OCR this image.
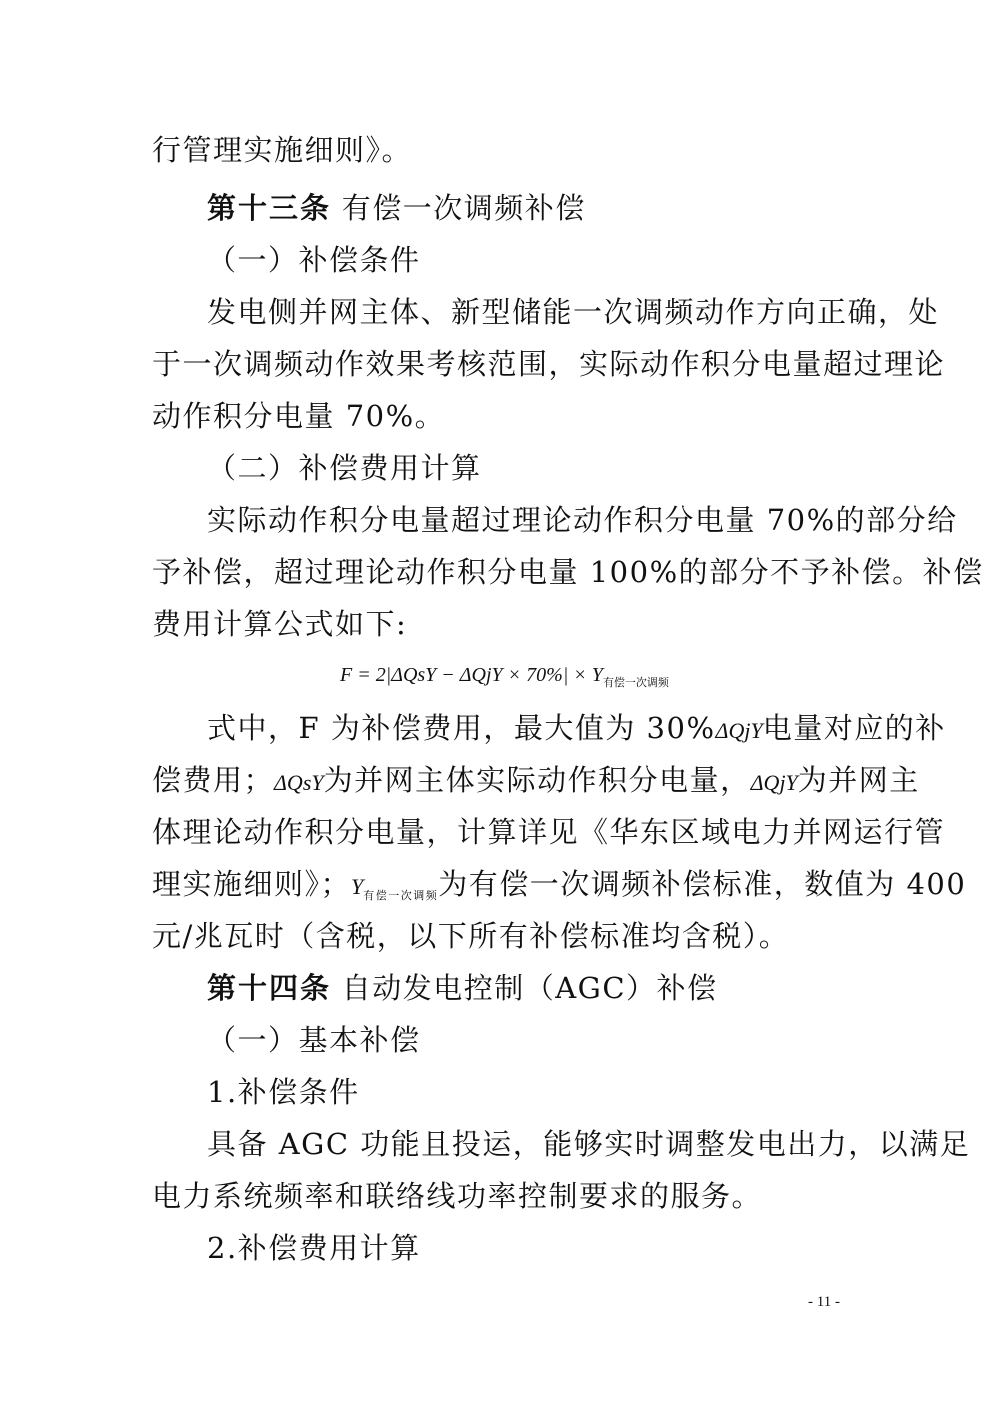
行管理实施细则》。
第十三条 有偿一次调频补偿
（一）补偿条件
发电侧并网主体、新型储能一次调频动作方向正确，处
于一次调频动作效果考核范围，实际动作积分电量超过理论
动作积分电量 70%。
（二）补偿费用计算
实际动作积分电量超过理论动作积分电量 70%的部分给
予补偿，超过理论动作积分电量 100%的部分不予补偿。补偿
费用计算公式如下:
$F = 2|\Delta QsY - \Delta QjY \times 70\%| \times Y_{有偿一次调频}$
式中，F 为补偿费用，最大值为 30%ΔQjY电量对应的补
偿费用；ΔQsY为并网主体实际动作积分电量，ΔQjY为并网主
体理论动作积分电量，计算详见《华东区域电力并网运行管
理实施细则》；$Y_{有偿一次调频}$为有偿一次调频补偿标准，数值为 400
元/兆瓦时（含税，以下所有补偿标准均含税）。
第十四条 自动发电控制（AGC）补偿
（一）基本补偿
1.补偿条件
具备 AGC 功能且投运，能够实时调整发电出力，以满足
电力系统频率和联络线功率控制要求的服务。
2.补偿费用计算
- 11 -
